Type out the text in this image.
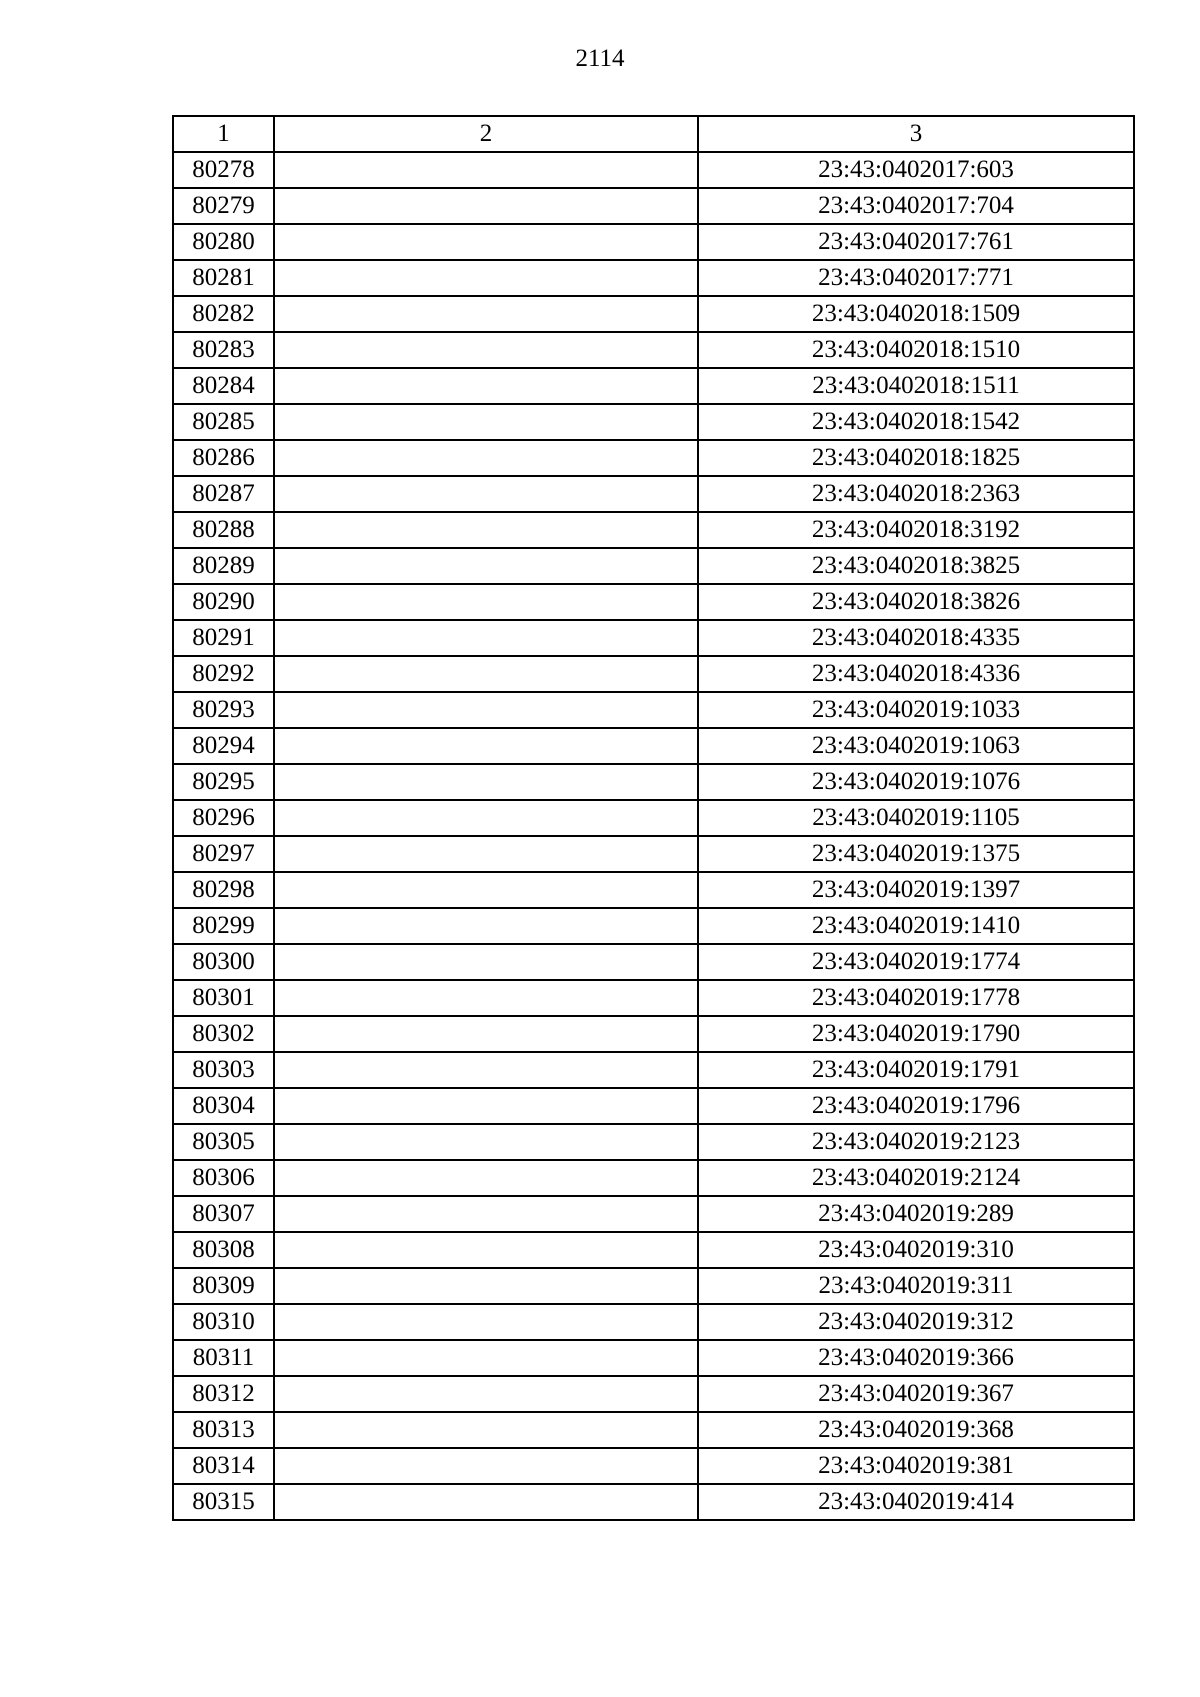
2114
1	2	3
80278		23:43:0402017:603
80279		23:43:0402017:704
80280		23:43:0402017:761
80281		23:43:0402017:771
80282		23:43:0402018:1509
80283		23:43:0402018:1510
80284		23:43:0402018:1511
80285		23:43:0402018:1542
80286		23:43:0402018:1825
80287		23:43:0402018:2363
80288		23:43:0402018:3192
80289		23:43:0402018:3825
80290		23:43:0402018:3826
80291		23:43:0402018:4335
80292		23:43:0402018:4336
80293		23:43:0402019:1033
80294		23:43:0402019:1063
80295		23:43:0402019:1076
80296		23:43:0402019:1105
80297		23:43:0402019:1375
80298		23:43:0402019:1397
80299		23:43:0402019:1410
80300		23:43:0402019:1774
80301		23:43:0402019:1778
80302		23:43:0402019:1790
80303		23:43:0402019:1791
80304		23:43:0402019:1796
80305		23:43:0402019:2123
80306		23:43:0402019:2124
80307		23:43:0402019:289
80308		23:43:0402019:310
80309		23:43:0402019:311
80310		23:43:0402019:312
80311		23:43:0402019:366
80312		23:43:0402019:367
80313		23:43:0402019:368
80314		23:43:0402019:381
80315		23:43:0402019:414
